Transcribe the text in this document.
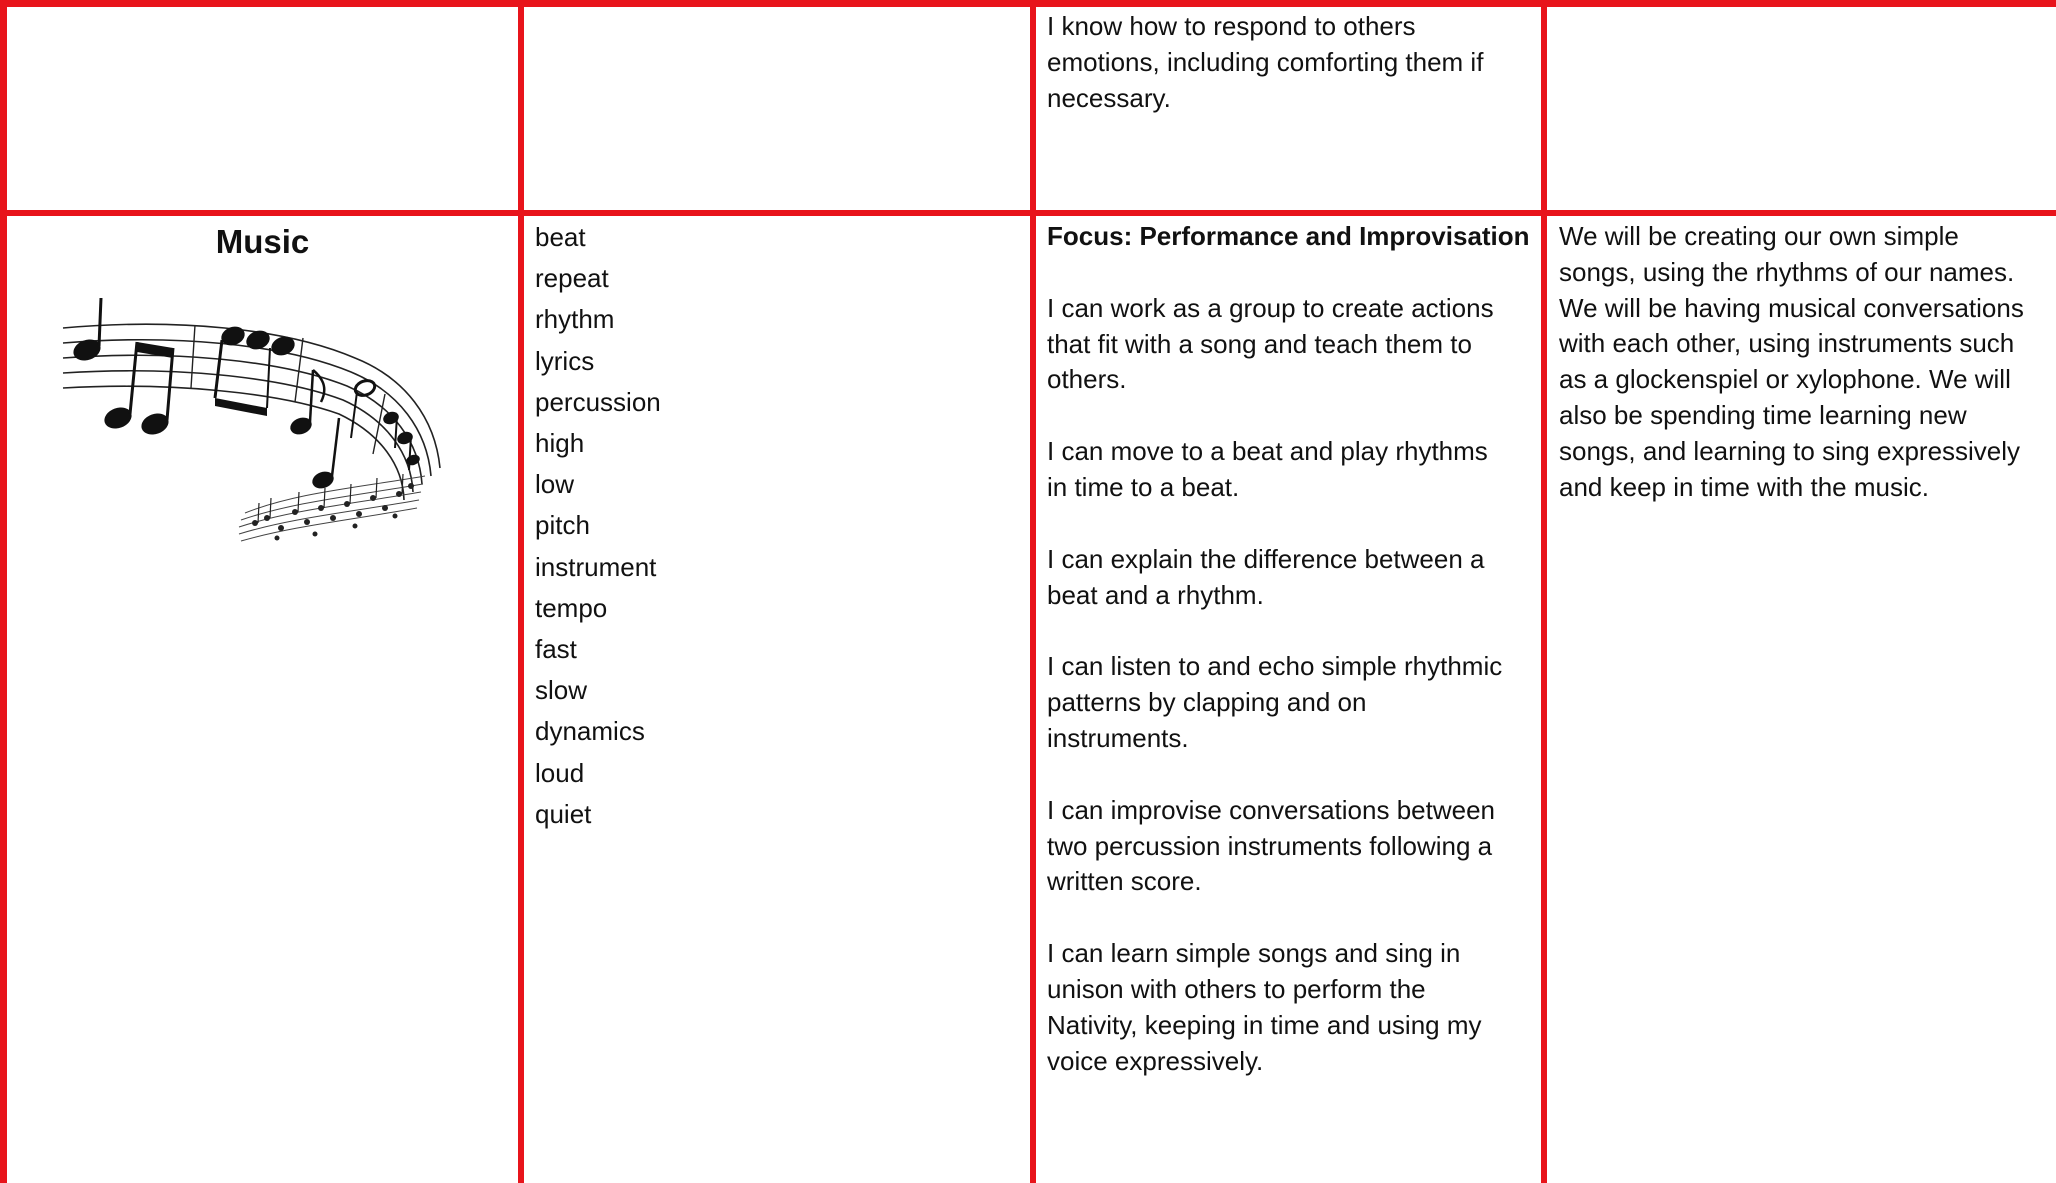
I know how to respond to others
emotions, including comforting them if
necessary.
Music	beat
repeat
rhythm
lyrics
percussion
high
low
pitch
instrument
tempo
fast
slow
dynamics
loud
quiet
Focus: Performance and Improvisation
I can work as a group to create actions
that fit with a song and teach them to
others.
I can move to a beat and play rhythms
in time to a beat.
I can explain the difference between a
beat and a rhythm.
I can listen to and echo simple rhythmic
patterns by clapping and on
instruments.
I can improvise conversations between
two percussion instruments following a
written score.
I can learn simple songs and sing in
unison with others to perform the
Nativity, keeping in time and using my
voice expressively.
We will be creating our own simple
songs, using the rhythms of our names.
We will be having musical conversations
with each other, using instruments such
as a glockenspiel or xylophone. We will
also be spending time learning new
songs, and learning to sing expressively
and keep in time with the music.
